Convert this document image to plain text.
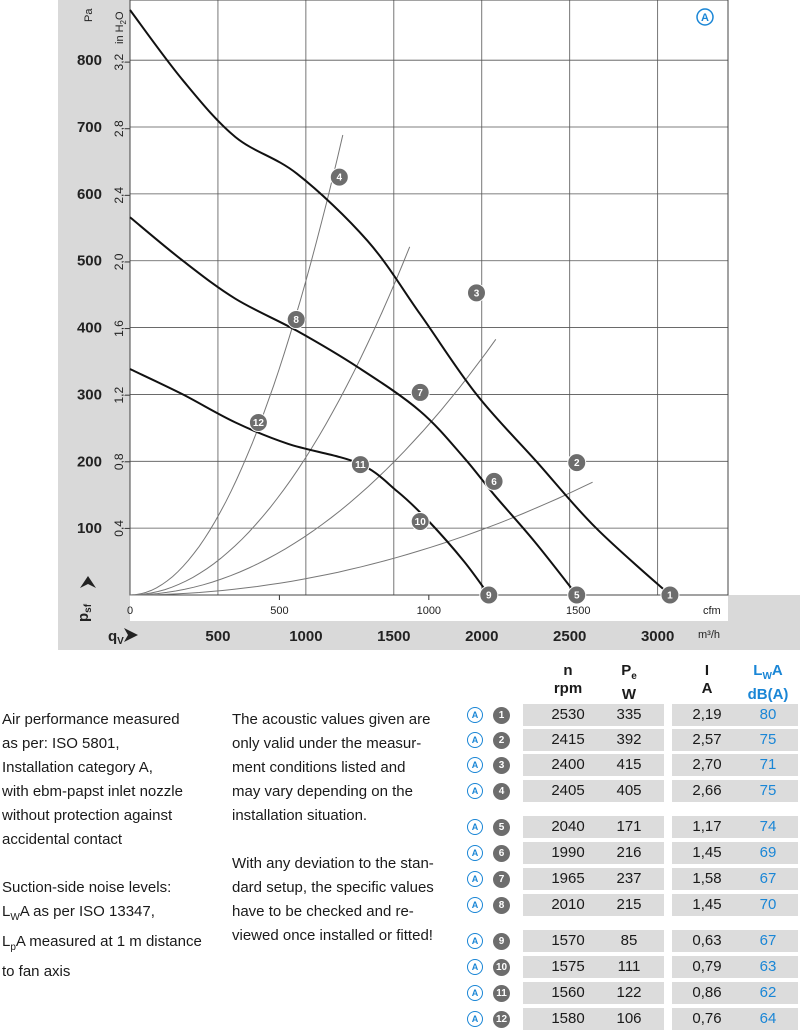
1
2
3
4
5
6
7
8
9
10
11
12
Pa
in $H_2O$
$p_{sf}$
$q_V$
cfm
m³/h
500	1000	1500	2000	2500	3000
100
200
300
400
500
600
700
800
0,4
0,8
1,2
1,6
2,0
2,4
2,8
3,2
0	500	1000	1500
A

Air performance measured

as per: ISO 5801,

Installation category A,

with ebm-papst inlet nozzle

without protection against

accidental contact

Suction-side noise levels:

$L_WA$ as per ISO 13347,

$L_pA$ measured at 1 m distance

to fan axis

The acoustic values given are

only valid under the measur-

ment conditions listed and

may vary depending on the

installation situation.

With any deviation to the stan-

dard setup, the specific values

have to be checked and re-

viewed once installed or fitted!

n
rpm
$P_e$
W
I
A
$L_WA$
dB(A)
A	1	2530	335	2,19	80
A	2	2415	392	2,57	75
A	3	2400	415	2,70	71
A	4	2405	405	2,66	75
A	5	2040	171	1,17	74
A	6	1990	216	1,45	69
A	7	1965	237	1,58	67
A	8	2010	215	1,45	70
A	9	1570	85	0,63	67
A	10	1575	111	0,79	63
A	11	1560	122	0,86	62
A	12	1580	106	0,76	64
